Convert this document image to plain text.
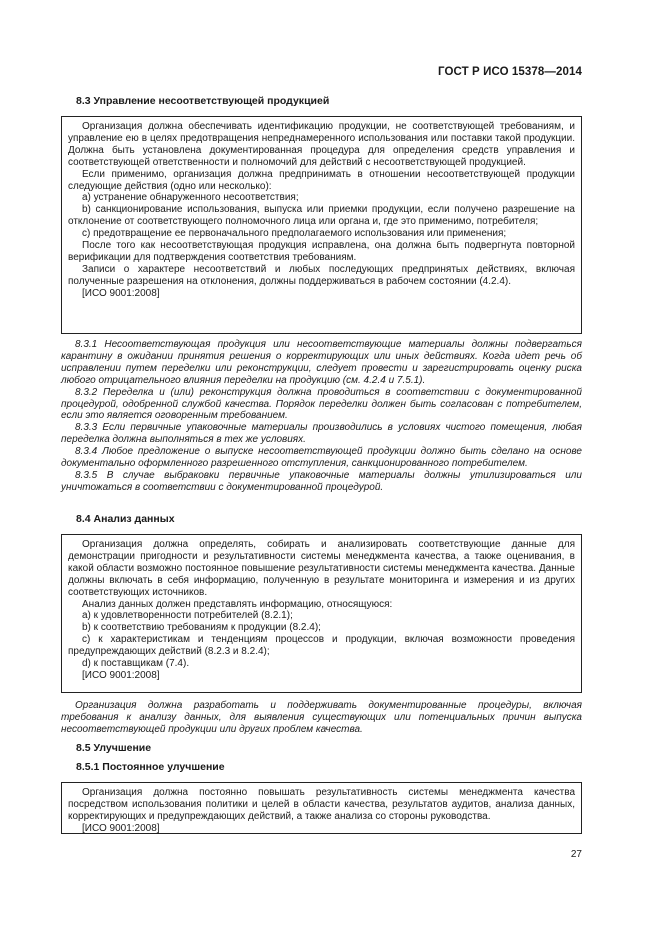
ГОСТ Р ИСО 15378—2014
8.3 Управление несоответствующей продукцией

Организация должна обеспечивать идентификацию продукции, не соответствующей требованиям, и управление ею в целях предотвращения непреднамеренного использования или поставки такой продукции. Должна быть установлена документированная процедура для определения средств управления и соответствующей ответственности и полномочий для действий с несоответствующей продукцией.

Если применимо, организация должна предпринимать в отношении несоответствующей продукции следующие действия (одно или несколько):

а) устранение обнаруженного несоответствия;

b) санкционирование использования, выпуска или приемки продукции, если получено разрешение на отклонение от соответствующего полномочного лица или органа и, где это применимо, потребителя;

с) предотвращение ее первоначального предполагаемого использования или применения;

После того как несоответствующая продукция исправлена, она должна быть подвергнута повторной верификации для подтверждения соответствия требованиям.

Записи о характере несоответствий и любых последующих предпринятых действиях, включая полученные разрешения на отклонения, должны поддерживаться в рабочем состоянии (4.2.4).

[ИСО 9001:2008]

8.3.1 Несоответствующая продукция или несоответствующие материалы должны подвергаться карантину в ожидании принятия решения о корректирующих или иных действиях. Когда идет речь об исправлении путем переделки или реконструкции, следует провести и зарегистрировать оценку риска любого отрицательного влияния переделки на продукцию (см. 4.2.4 и 7.5.1).

8.3.2 Переделка и (или) реконструкция должна проводиться в соответствии с документированной процедурой, одобренной службой качества. Порядок переделки должен быть согласован с потребителем, если это является оговоренным требованием.

8.3.3 Если первичные упаковочные материалы производились в условиях чистого помещения, любая переделка должна выполняться в тех же условиях.

8.3.4 Любое предложение о выпуске несоответствующей продукции должно быть сделано на основе документально оформленного разрешенного отступления, санкционированного потребителем.

8.3.5 В случае выбраковки первичные упаковочные материалы должны утилизироваться или уничтожаться в соответствии с документированной процедурой.

8.4 Анализ данных

Организация должна определять, собирать и анализировать соответствующие данные для демонстрации пригодности и результативности системы менеджмента качества, а также оценивания, в какой области возможно постоянное повышение результативности системы менеджмента качества. Данные должны включать в себя информацию, полученную в результате мониторинга и измерения и из других соответствующих источников.

Анализ данных должен представлять информацию, относящуюся:

а) к удовлетворенности потребителей (8.2.1);

b) к соответствию требованиям к продукции (8.2.4);

с) к характеристикам и тенденциям процессов и продукции, включая возможности проведения предупреждающих действий (8.2.3 и 8.2.4);

d) к поставщикам (7.4).

[ИСО 9001:2008]

Организация должна разработать и поддерживать документированные процедуры, включая требования к анализу данных, для выявления существующих или потенциальных причин выпуска несоответствующей продукции или других проблем качества.

8.5 Улучшение
8.5.1 Постоянное улучшение

Организация должна постоянно повышать результативность системы менеджмента качества посредством использования политики и целей в области качества, результатов аудитов, анализа данных, корректирующих и предупреждающих действий, а также анализа со стороны руководства.

[ИСО 9001:2008]

27
